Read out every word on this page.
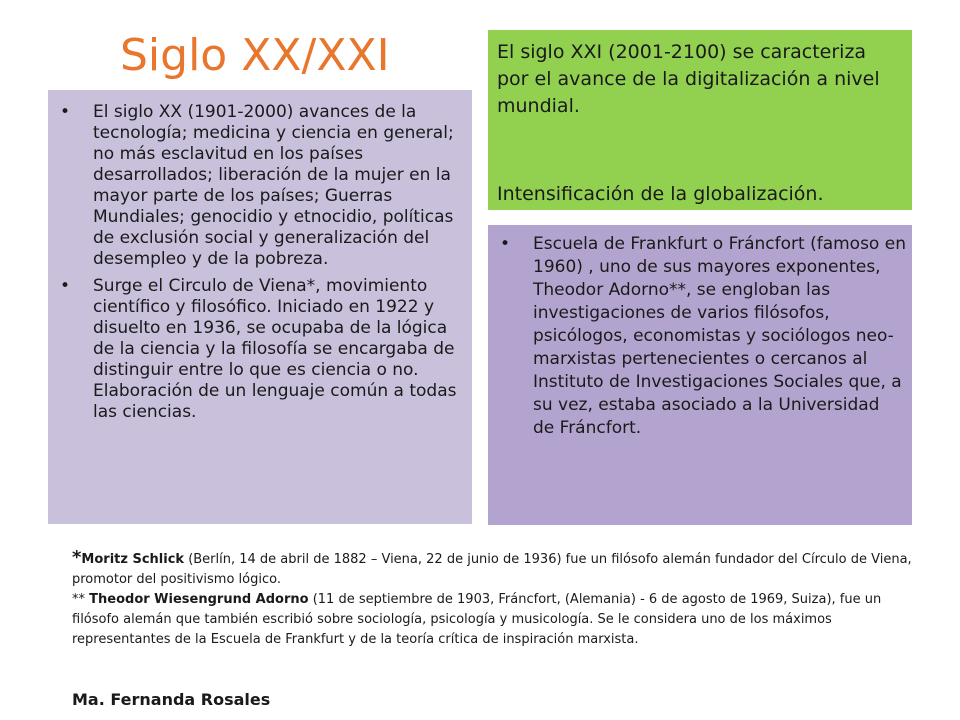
Siglo XX/XXI
• El siglo XX (1901-2000) avances de la tecnología; medicina y ciencia en general; no más esclavitud en los países desarrollados; liberación de la mujer en la mayor parte de los países; Guerras Mundiales; genocidio y etnocidio, políticas de exclusión social y generalización del desempleo y de la pobreza.
• Surge el Circulo de Viena*, movimiento científico y filosófico. Iniciado en 1922 y disuelto en 1936, se ocupaba de la lógica de la ciencia y la filosofía se encargaba de distinguir entre lo que es ciencia o no. Elaboración de un lenguaje común a todas las ciencias.

El siglo XXI (2001-2100) se caracteriza por el avance de la digitalización a nivel mundial.

Intensificación de la globalización.

• Escuela de Frankfurt o Fráncfort (famoso en 1960) , uno de sus mayores exponentes, Theodor Adorno**, se engloban las investigaciones de varios filósofos, psicólogos, economistas y sociólogos neo-marxistas pertenecientes o cercanos al Instituto de Investigaciones Sociales que, a su vez, estaba asociado a la Universidad de Fráncfort.

*Moritz Schlick (Berlín, 14 de abril de 1882 – Viena, 22 de junio de 1936) fue un filósofo alemán fundador del Círculo de Viena, promotor del positivismo lógico.

** Theodor Wiesengrund Adorno (11 de septiembre de 1903, Fráncfort, (Alemania) - 6 de agosto de 1969, Suiza), fue un filósofo alemán que también escribió sobre sociología, psicología y musicología. Se le considera uno de los máximos representantes de la Escuela de Frankfurt y de la teoría crítica de inspiración marxista.

Ma. Fernanda Rosales
